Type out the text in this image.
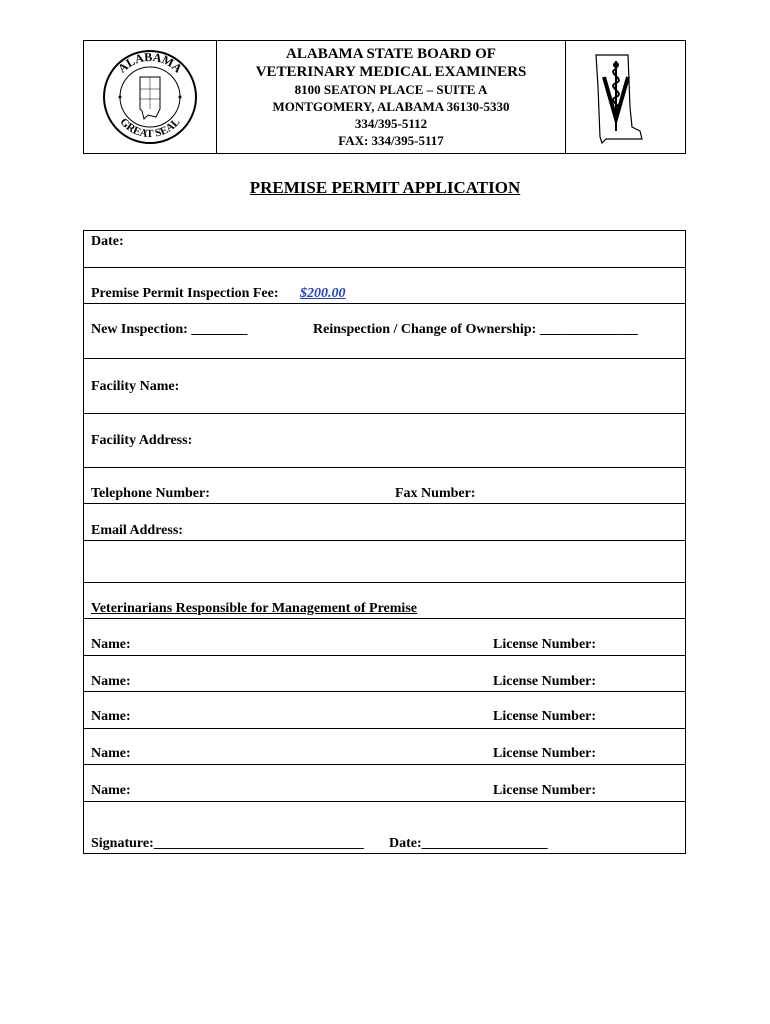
ALABAMA
GREAT SEAL
ALABAMA STATE BOARD OF
VETERINARY MEDICAL EXAMINERS
8100 SEATON PLACE – SUITE A
MONTGOMERY, ALABAMA 36130-5330
334/395-5112
FAX: 334/395-5117
PREMISE PERMIT APPLICATION
Date:
Premise Permit Inspection Fee: $200.00
New Inspection: ________	Reinspection / Change of Ownership: ______________
Facility Name:
Facility Address:
Telephone Number:	Fax Number:
Email Address:
Veterinarians Responsible for Management of Premise
Name:	License Number:
Name:	License Number:
Name:	License Number:
Name:	License Number:
Name:	License Number:
Signature:______________________________ Date:__________________
